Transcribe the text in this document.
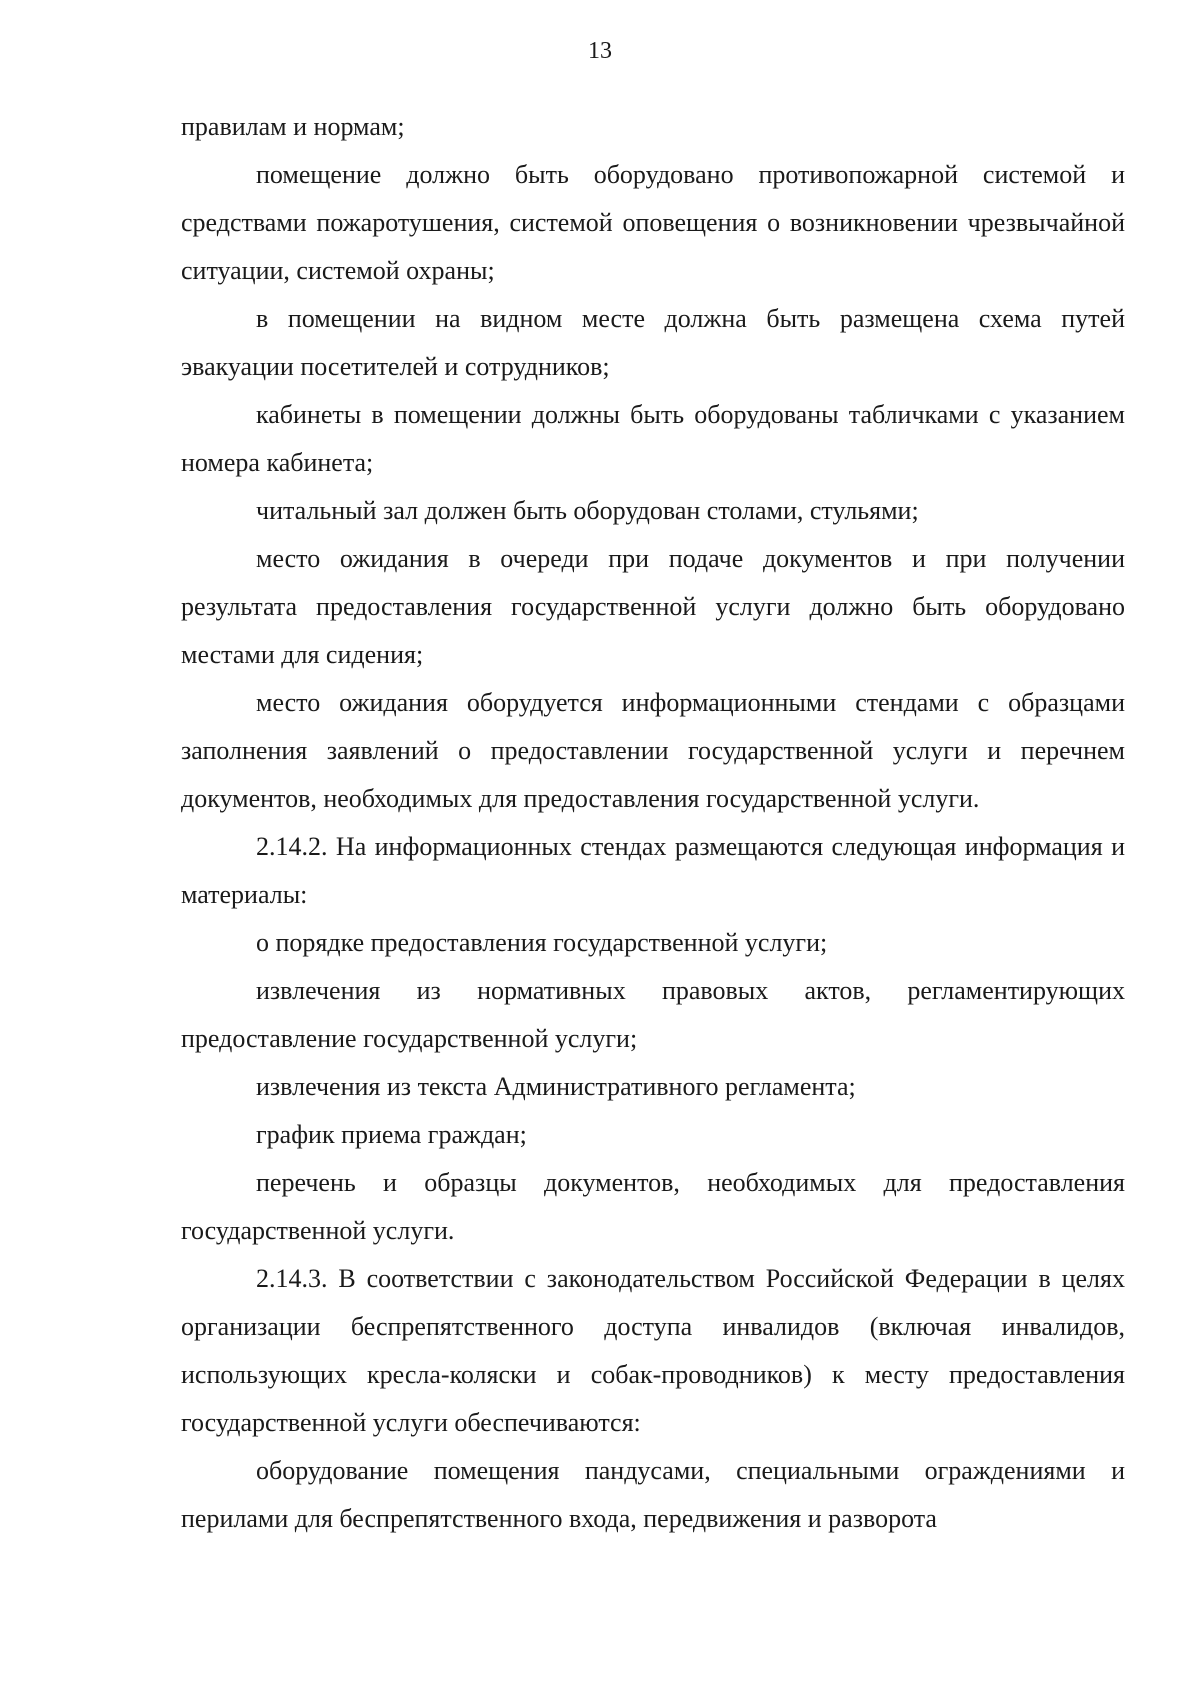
13

правилам и нормам;

помещение должно быть оборудовано противопожарной системой и средствами пожаротушения, системой оповещения о возникновении чрезвычайной ситуации, системой охраны;

в помещении на видном месте должна быть размещена схема путей эвакуации посетителей и сотрудников;

кабинеты в помещении должны быть оборудованы табличками с указанием номера кабинета;

читальный зал должен быть оборудован столами, стульями;

место ожидания в очереди при подаче документов и при получении результата предоставления государственной услуги должно быть оборудовано местами для сидения;

место ожидания оборудуется информационными стендами с образцами заполнения заявлений о предоставлении государственной услуги и перечнем документов, необходимых для предоставления государственной услуги.

2.14.2. На информационных стендах размещаются следующая информация и материалы:

о порядке предоставления государственной услуги;

извлечения из нормативных правовых актов, регламентирующих предоставление государственной услуги;

извлечения из текста Административного регламента;

график приема граждан;

перечень и образцы документов, необходимых для предоставления государственной услуги.

2.14.3. В соответствии с законодательством Российской Федерации в целях организации беспрепятственного доступа инвалидов (включая инвалидов, использующих кресла-коляски и собак-проводников) к месту предоставления государственной услуги обеспечиваются:

оборудование помещения пандусами, специальными ограждениями и перилами для беспрепятственного входа, передвижения и разворота
